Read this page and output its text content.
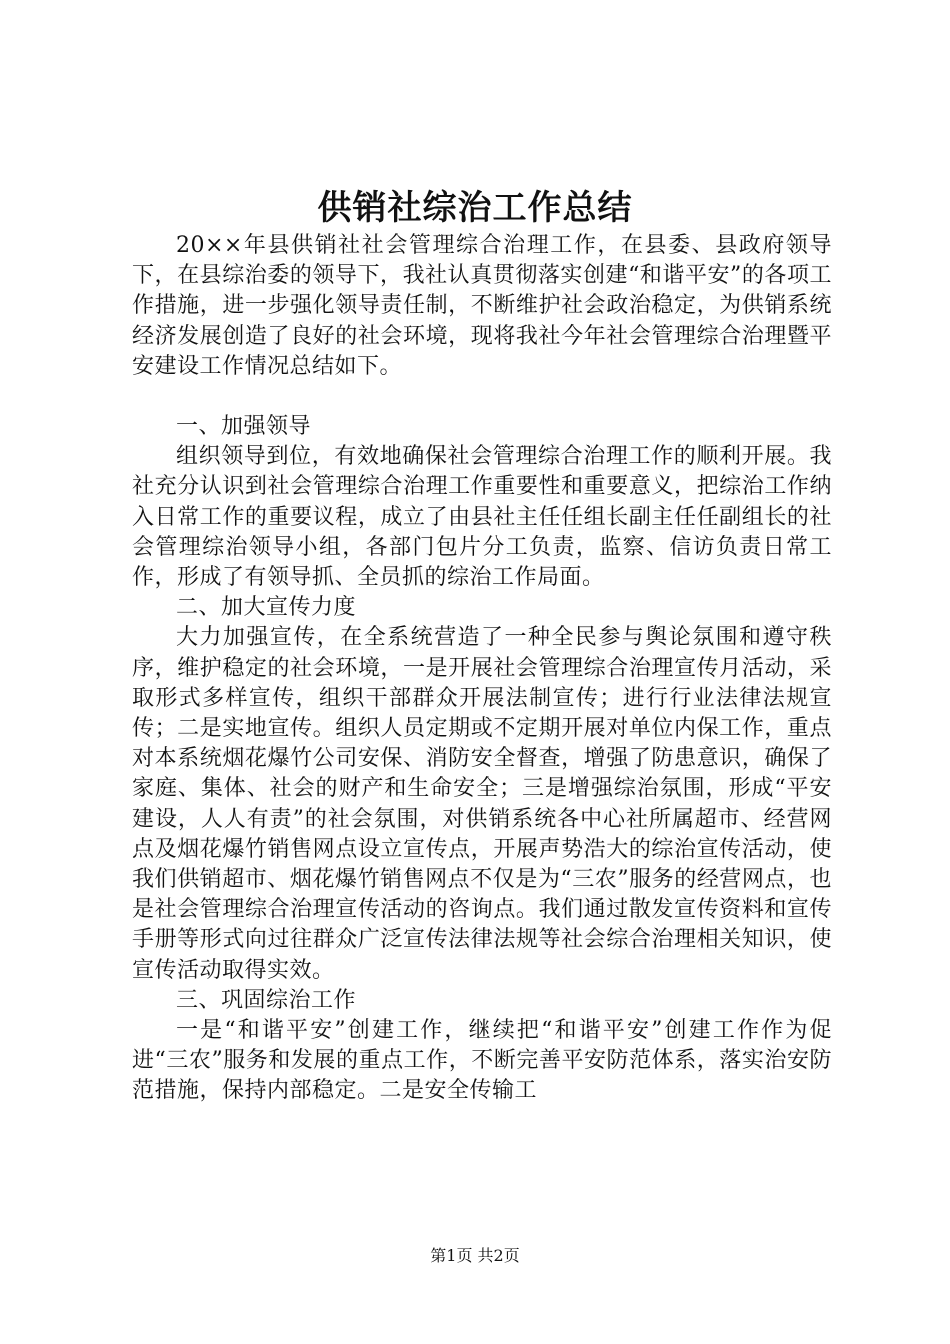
供销社综治工作总结

20××年县供销社社会管理综合治理工作，在县委、县政府领导下，在县综治委的领导下，我社认真贯彻落实创建“和谐平安”的各项工作措施，进一步强化领导责任制，不断维护社会政治稳定，为供销系统经济发展创造了良好的社会环境，现将我社今年社会管理综合治理暨平安建设工作情况总结如下。

一、加强领导

组织领导到位，有效地确保社会管理综合治理工作的顺利开展。我社充分认识到社会管理综合治理工作重要性和重要意义，把综治工作纳入日常工作的重要议程，成立了由县社主任任组长副主任任副组长的社会管理综治领导小组，各部门包片分工负责，监察、信访负责日常工作，形成了有领导抓、全员抓的综治工作局面。

二、加大宣传力度

大力加强宣传，在全系统营造了一种全民参与舆论氛围和遵守秩序，维护稳定的社会环境，一是开展社会管理综合治理宣传月活动，采取形式多样宣传，组织干部群众开展法制宣传；进行行业法律法规宣传；二是实地宣传。组织人员定期或不定期开展对单位内保工作，重点对本系统烟花爆竹公司安保、消防安全督查，增强了防患意识，确保了家庭、集体、社会的财产和生命安全；三是增强综治氛围，形成“平安建设，人人有责”的社会氛围，对供销系统各中心社所属超市、经营网点及烟花爆竹销售网点设立宣传点，开展声势浩大的综治宣传活动，使我们供销超市、烟花爆竹销售网点不仅是为“三农”服务的经营网点，也是社会管理综合治理宣传活动的咨询点。我们通过散发宣传资料和宣传手册等形式向过往群众广泛宣传法律法规等社会综合治理相关知识，使宣传活动取得实效。

三、巩固综治工作

一是“和谐平安”创建工作，继续把“和谐平安”创建工作作为促进“三农”服务和发展的重点工作，不断完善平安防范体系，落实治安防范措施，保持内部稳定。二是安全传输工

第1页 共2页
